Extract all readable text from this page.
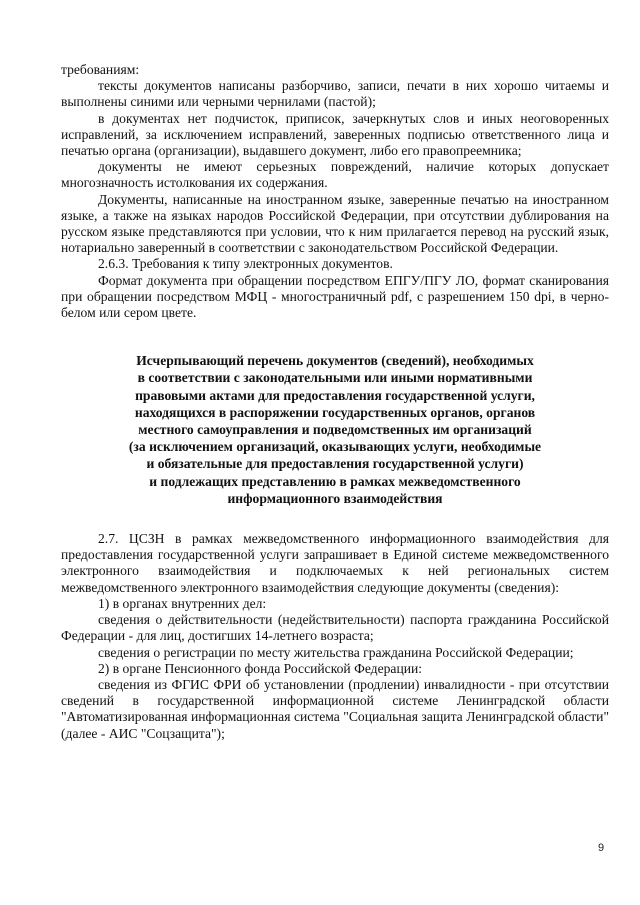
требованиям:

тексты документов написаны разборчиво, записи, печати в них хорошо читаемы и выполнены синими или черными чернилами (пастой);

в документах нет подчисток, приписок, зачеркнутых слов и иных неоговоренных исправлений, за исключением исправлений, заверенных подписью ответственного лица и печатью органа (организации), выдавшего документ, либо его правопреемника;

документы не имеют серьезных повреждений, наличие которых допускает многозначность истолкования их содержания.

Документы, написанные на иностранном языке, заверенные печатью на иностранном языке, а также на языках народов Российской Федерации, при отсутствии дублирования на русском языке представляются при условии, что к ним прилагается перевод на русский язык, нотариально заверенный в соответствии с законодательством Российской Федерации.

2.6.3. Требования к типу электронных документов.

Формат документа при обращении посредством ЕПГУ/ПГУ ЛО, формат сканирования при обращении посредством МФЦ - многостраничный pdf, с разрешением 150 dpi, в черно-белом или сером цвете.

Исчерпывающий перечень документов (сведений), необходимых
в соответствии с законодательными или иными нормативными
правовыми актами для предоставления государственной услуги,
находящихся в распоряжении государственных органов, органов
местного самоуправления и подведомственных им организаций
(за исключением организаций, оказывающих услуги, необходимые
и обязательные для предоставления государственной услуги)
и подлежащих представлению в рамках межведомственного
информационного взаимодействия

2.7. ЦСЗН в рамках межведомственного информационного взаимодействия для предоставления государственной услуги запрашивает в Единой системе межведомственного электронного взаимодействия и подключаемых к ней региональных систем межведомственного электронного взаимодействия следующие документы (сведения):

1) в органах внутренних дел:

сведения о действительности (недействительности) паспорта гражданина Российской Федерации - для лиц, достигших 14-летнего возраста;

сведения о регистрации по месту жительства гражданина Российской Федерации;

2) в органе Пенсионного фонда Российской Федерации:

сведения из ФГИС ФРИ об установлении (продлении) инвалидности - при отсутствии сведений в государственной информационной системе Ленинградской области "Автоматизированная информационная система "Социальная защита Ленинградской области" (далее - АИС "Соцзащита");

9
